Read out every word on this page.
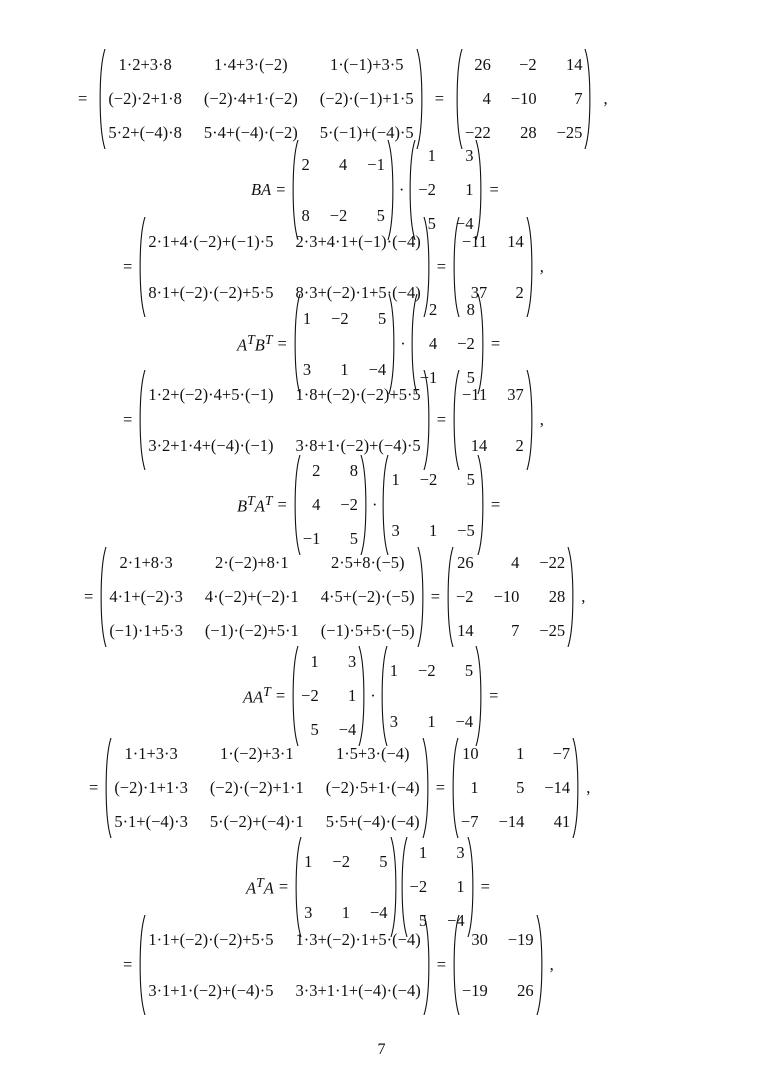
=
1·2+3·8	1·4+3·(−2)	1·(−1)+3·5
(−2)·2+1·8 (−2)·4+1·(−2) (−2)·(−1)+1·5
5·2+(−4)·8 5·4+(−4)·(−2) 5·(−1)+(−4)·5
=
26 −2 14
4 −10 7
−22 28 −25
,
BA =
2 4 −1
8 −2 5
·
1 3
−2 1
5 −4
=
=
2·1+4·(−2)+(−1)·5 2·3+4·1+(−1)·(−4)
8·1+(−2)·(−2)+5·5 8·3+(−2)·1+5·(−4)
=
−11 14
37 2
,
$A^TB^T$ =
1 −2 5
3 1 −4
·
2 8
4 −2
−1 5
=
=
1·2+(−2)·4+5·(−1) 1·8+(−2)·(−2)+5·5
3·2+1·4+(−4)·(−1) 3·8+1·(−2)+(−4)·5
=
−11 37
14 2
,
$B^TA^T$ =
2 8
4 −2
−1 5
·
1 −2 5
3 1 −5
=
=
2·1+8·3	2·(−2)+8·1	2·5+8·(−5)
4·1+(−2)·3 4·(−2)+(−2)·1 4·5+(−2)·(−5)
(−1)·1+5·3 (−1)·(−2)+5·1 (−1)·5+5·(−5)
=
26 4 −22
−2 −10 28
14 7 −25
,
$AA^T$ =
1 3
−2 1
5 −4
·
1 −2 5
3 1 −4
=
=
1·1+3·3	1·(−2)+3·1	1·5+3·(−4)
(−2)·1+1·3 (−2)·(−2)+1·1 (−2)·5+1·(−4)
5·1+(−4)·3 5·(−2)+(−4)·1 5·5+(−4)·(−4)
=
10 1 −7
1 5 −14
−7 −14 41
,
$A^TA$ =
1 −2 5
3 1 −4
1 3
−2 1
5 −4
=
=
1·1+(−2)·(−2)+5·5 1·3+(−2)·1+5·(−4)
3·1+1·(−2)+(−4)·5 3·3+1·1+(−4)·(−4)
=
30 −19
−19 26
,
7
